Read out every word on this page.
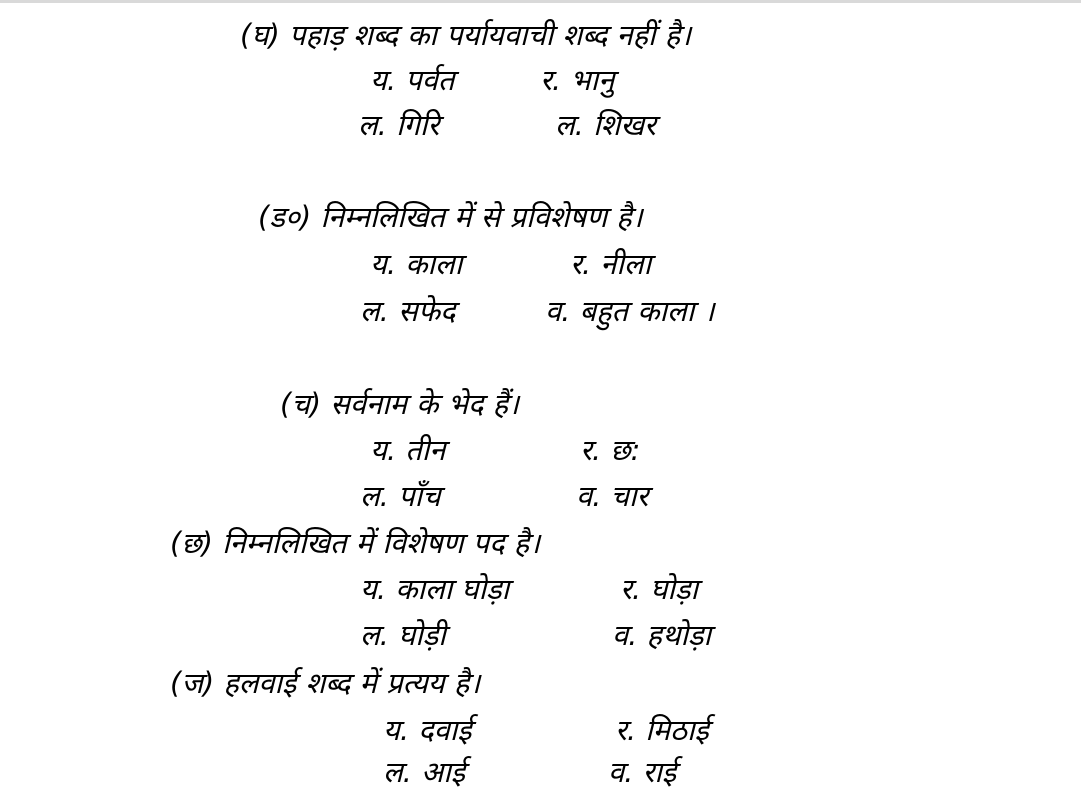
(घ) पहाड़ शब्द का पर्यायवाची शब्द नहीं है।
य. पर्वत	र. भानु
ल. गिरि	ल. शिखर
(ड०) निम्नलिखित में से प्रविशेषण है।
य. काला	र. नीला
ल. सफेद	व. बहुत काला ।
(च) सर्वनाम के भेद हैं।
य. तीन	र. छ:
ल. पाँच	व. चार
(छ) निम्नलिखित में विशेषण पद है।
य. काला घोड़ा	र. घोड़ा
ल. घोड़ी	व. हथोड़ा
(ज) हलवाई शब्द में प्रत्यय है।
य. दवाई	र. मिठाई
ल. आई	व. राई
